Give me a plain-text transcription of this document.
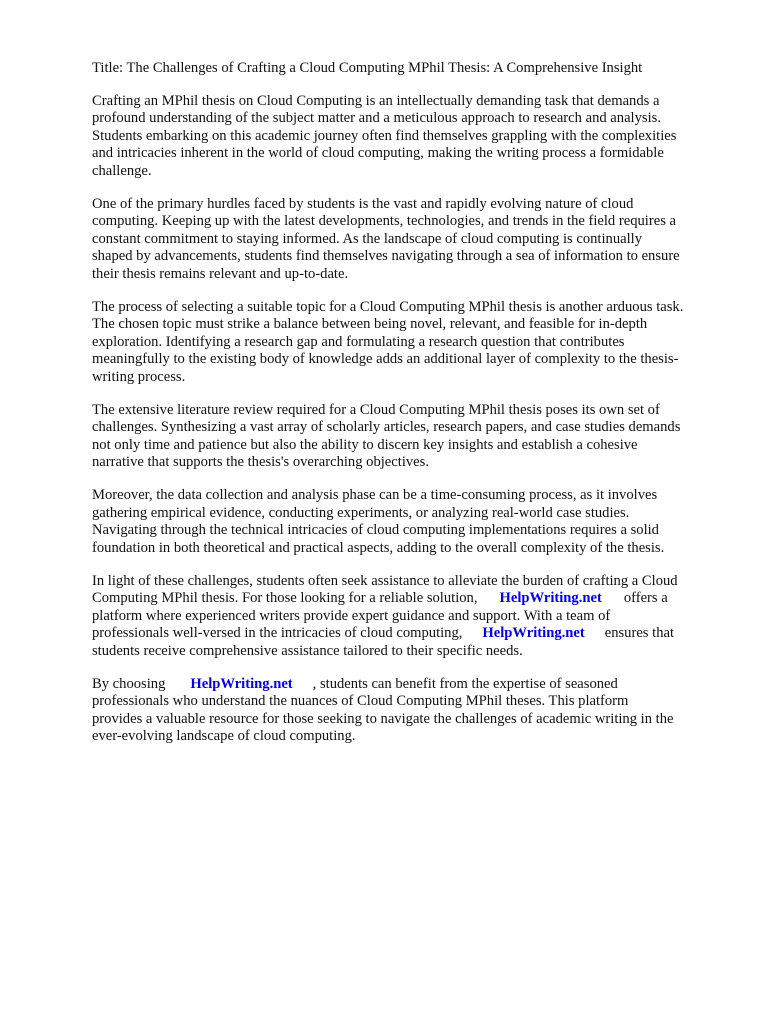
Title: The Challenges of Crafting a Cloud Computing MPhil Thesis: A Comprehensive Insight

Crafting an MPhil thesis on Cloud Computing is an intellectually demanding task that demands a
profound understanding of the subject matter and a meticulous approach to research and analysis.
Students embarking on this academic journey often find themselves grappling with the complexities
and intricacies inherent in the world of cloud computing, making the writing process a formidable
challenge.
One of the primary hurdles faced by students is the vast and rapidly evolving nature of cloud
computing. Keeping up with the latest developments, technologies, and trends in the field requires a
constant commitment to staying informed. As the landscape of cloud computing is continually
shaped by advancements, students find themselves navigating through a sea of information to ensure
their thesis remains relevant and up-to-date.
The process of selecting a suitable topic for a Cloud Computing MPhil thesis is another arduous task.
The chosen topic must strike a balance between being novel, relevant, and feasible for in-depth
exploration. Identifying a research gap and formulating a research question that contributes
meaningfully to the existing body of knowledge adds an additional layer of complexity to the thesis-
writing process.
The extensive literature review required for a Cloud Computing MPhil thesis poses its own set of
challenges. Synthesizing a vast array of scholarly articles, research papers, and case studies demands
not only time and patience but also the ability to discern key insights and establish a cohesive
narrative that supports the thesis's overarching objectives.
Moreover, the data collection and analysis phase can be a time-consuming process, as it involves
gathering empirical evidence, conducting experiments, or analyzing real-world case studies.
Navigating through the technical intricacies of cloud computing implementations requires a solid
foundation in both theoretical and practical aspects, adding to the overall complexity of the thesis.
In light of these challenges, students often seek assistance to alleviate the burden of crafting a Cloud
Computing MPhil thesis. For those looking for a reliable solution, HelpWriting.net offers a
platform where experienced writers provide expert guidance and support. With a team of
professionals well-versed in the intricacies of cloud computing, HelpWriting.net ensures that
students receive comprehensive assistance tailored to their specific needs.
By choosing HelpWriting.net , students can benefit from the expertise of seasoned
professionals who understand the nuances of Cloud Computing MPhil theses. This platform
provides a valuable resource for those seeking to navigate the challenges of academic writing in the
ever-evolving landscape of cloud computing.
